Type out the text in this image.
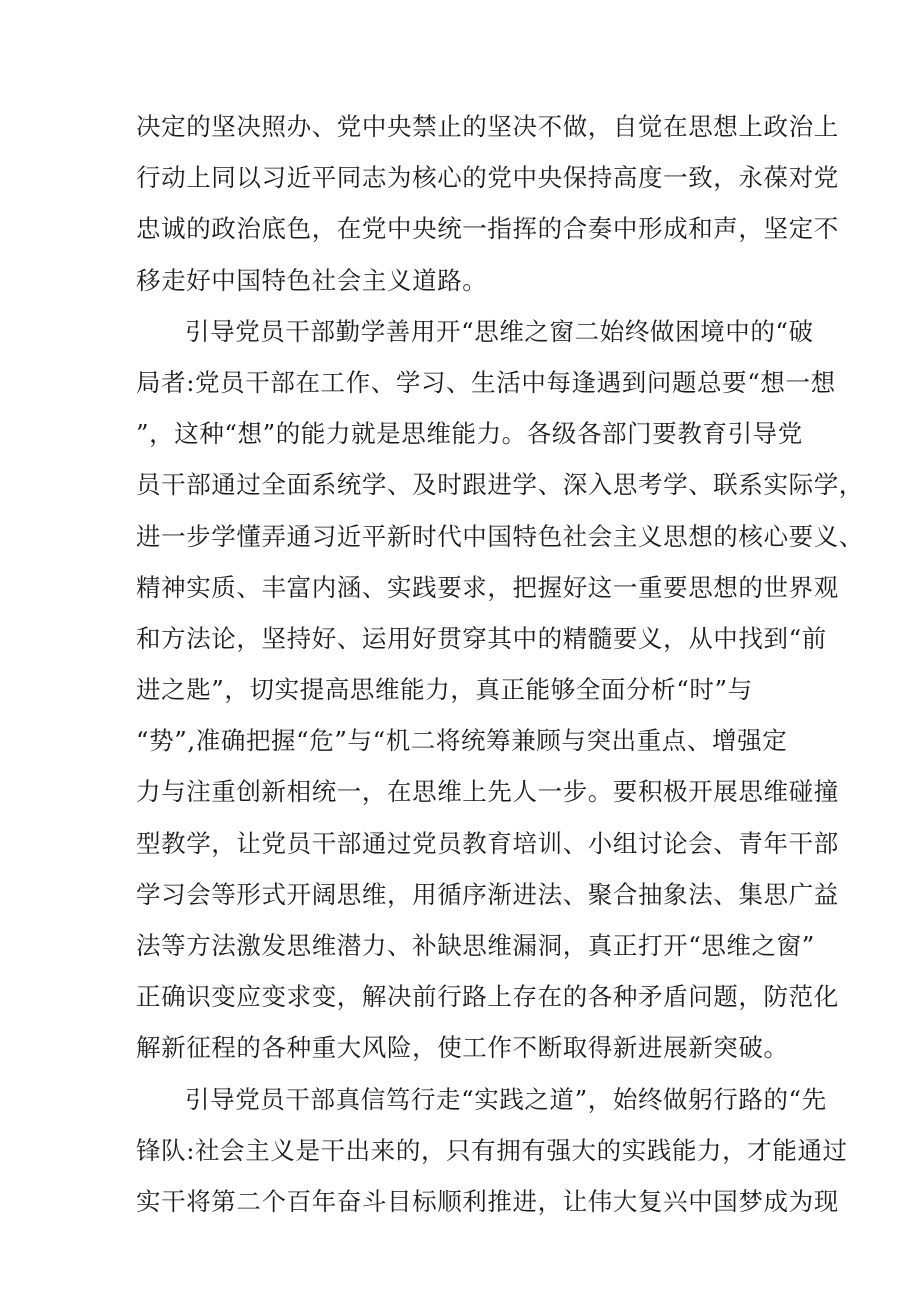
决定的坚决照办、党中央禁止的坚决不做，自觉在思想上政治上
行动上同以习近平同志为核心的党中央保持高度一致，永葆对党
忠诚的政治底色，在党中央统一指挥的合奏中形成和声，坚定不
移走好中国特色社会主义道路。
引导党员干部勤学善用开“思维之窗二始终做困境中的“破
局者:党员干部在工作、学习、生活中每逢遇到问题总要“想一想
”，这种“想”的能力就是思维能力。各级各部门要教育引导党
员干部通过全面系统学、及时跟进学、深入思考学、联系实际学，
进一步学懂弄通习近平新时代中国特色社会主义思想的核心要义、
精神实质、丰富内涵、实践要求，把握好这一重要思想的世界观
和方法论，坚持好、运用好贯穿其中的精髓要义，从中找到“前
进之匙”，切实提高思维能力，真正能够全面分析“时”与
“势”,准确把握“危”与“机二将统筹兼顾与突出重点、增强定
力与注重创新相统一，在思维上先人一步。要积极开展思维碰撞
型教学，让党员干部通过党员教育培训、小组讨论会、青年干部
学习会等形式开阔思维，用循序渐进法、聚合抽象法、集思广益
法等方法激发思维潜力、补缺思维漏洞，真正打开“思维之窗”
正确识变应变求变，解决前行路上存在的各种矛盾问题，防范化
解新征程的各种重大风险，使工作不断取得新进展新突破。
引导党员干部真信笃行走“实践之道”，始终做躬行路的“先
锋队:社会主义是干出来的，只有拥有强大的实践能力，才能通过
实干将第二个百年奋斗目标顺利推进，让伟大复兴中国梦成为现
